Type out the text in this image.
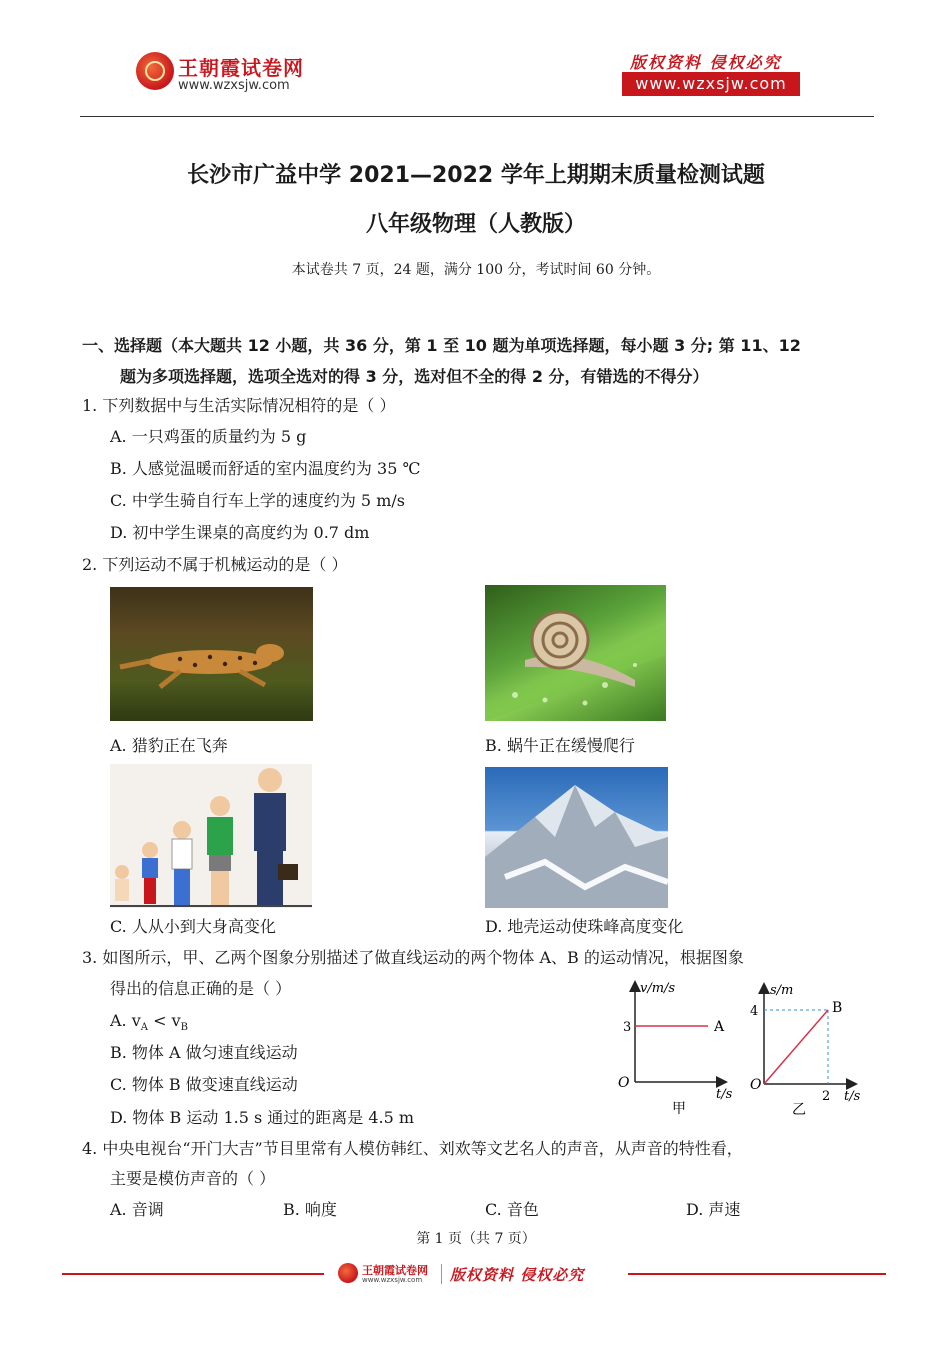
王朝霞试卷网
www.wzxsjw.com
版权资料 侵权必究
www.wzxsjw.com
长沙市广益中学 2021—2022 学年上期期末质量检测试题
八年级物理（人教版）
本试卷共 7 页，24 题，满分 100 分，考试时间 60 分钟。
一、选择题（本大题共 12 小题，共 36 分，第 1 至 10 题为单项选择题，每小题 3 分; 第 11、12
题为多项选择题，选项全选对的得 3 分，选对但不全的得 2 分，有错选的不得分）
1. 下列数据中与生活实际情况相符的是（ ）
A. 一只鸡蛋的质量约为 5 g
B. 人感觉温暖而舒适的室内温度约为 35 ℃
C. 中学生骑自行车上学的速度约为 5 m/s
D. 初中学生课桌的高度约为 0.7 dm
2. 下列运动不属于机械运动的是（ ）
A. 猎豹正在飞奔	B. 蜗牛正在缓慢爬行
C. 人从小到大身高变化	D. 地壳运动使珠峰高度变化
3. 如图所示，甲、乙两个图象分别描述了做直线运动的两个物体 A、B 的运动情况，根据图象
得出的信息正确的是（ ）
A. $v_A < v_B$
B. 物体 A 做匀速直线运动
C. 物体 B 做变速直线运动
D. 物体 B 运动 1.5 s 通过的距离是 4.5 m
v/m/s
3	A
O
t/s
甲
s/m
4	B
O
2 t/s
乙
4. 中央电视台“开门大吉”节目里常有人模仿韩红、刘欢等文艺名人的声音，从声音的特性看，
主要是模仿声音的（ ）
A. 音调	B. 响度	C. 音色	D. 声速
第 1 页（共 7 页）
王朝霞试卷网
www.wzxsjw.com 版权资料 侵权必究
